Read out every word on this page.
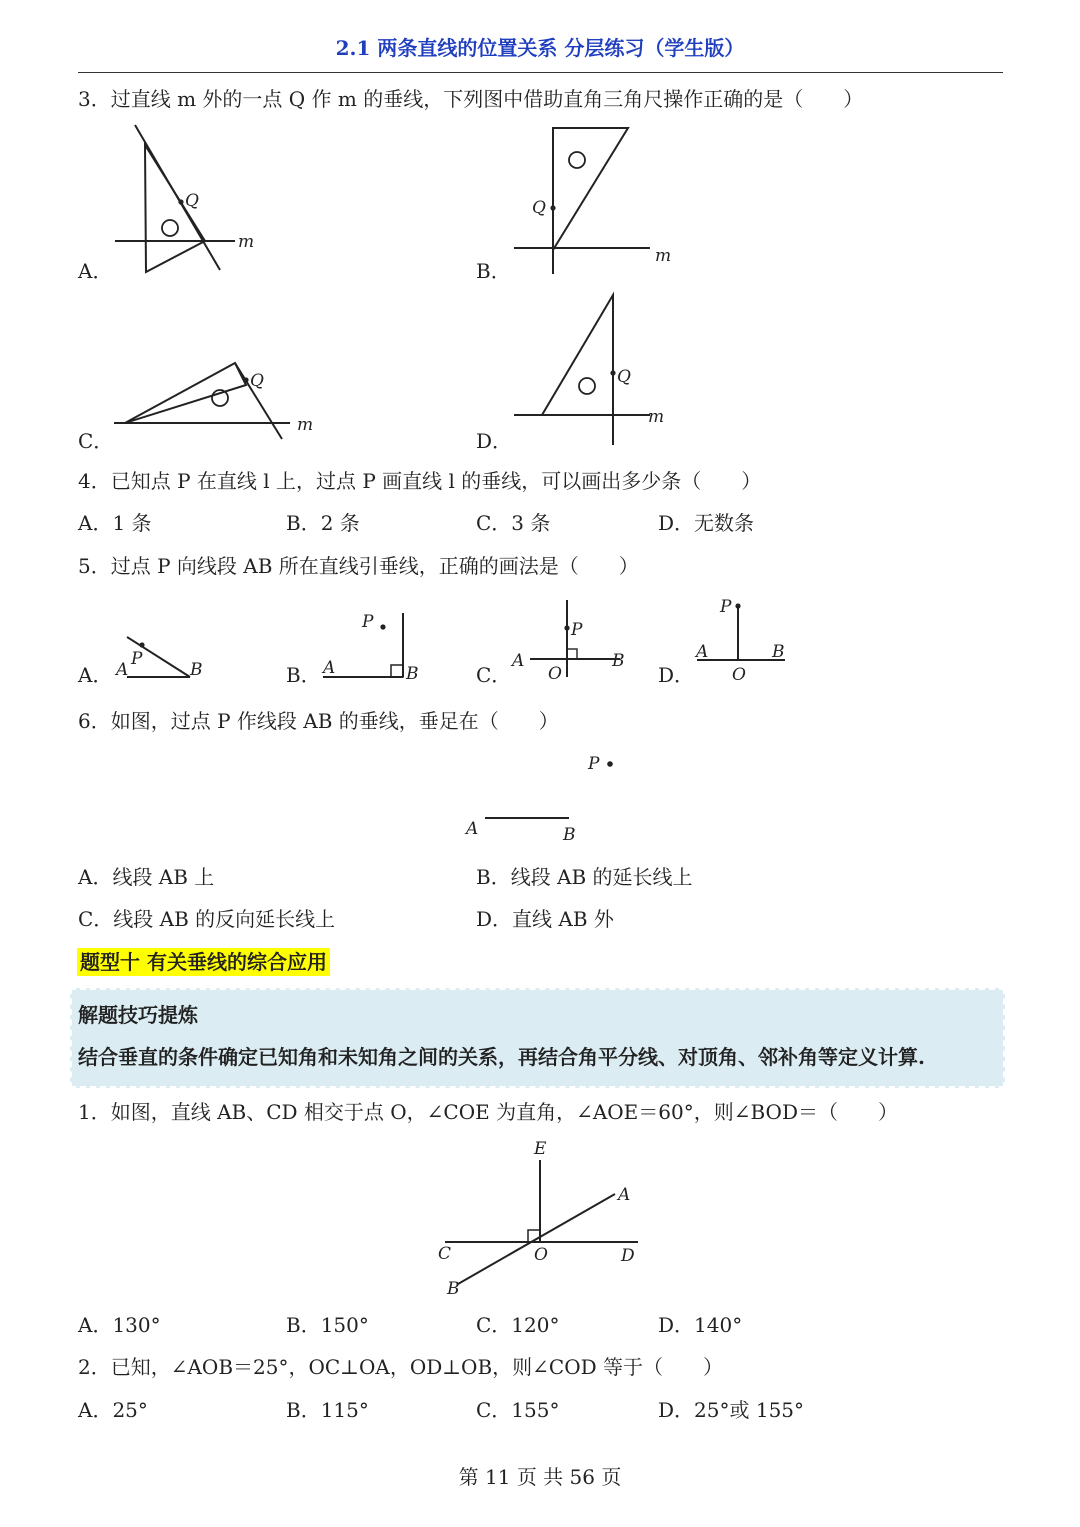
2.1 两条直线的位置关系 分层练习（学生版）
3．过直线 m 外的一点 Q 作 m 的垂线，下列图中借助直角三角尺操作正确的是（　　）
A．
Q
m
B．
Q
m
C．
Q
m
D．
Q
m
4．已知点 P 在直线 l 上，过点 P 画直线 l 的垂线，可以画出多少条（　　）
A．1 条	B．2 条	C．3 条	D．无数条
5．过点 P 向线段 AB 所在直线引垂线，正确的画法是（　　）
A．
P
A	B	B．
P
A	B	C．
P
A	B
O	D．
P
A	B
O
6．如图，过点 P 作线段 AB 的垂线，垂足在（　　）
P
A	B
A．线段 AB 上	B．线段 AB 的延长线上
C．线段 AB 的反向延长线上	D．直线 AB 外
题型十 有关垂线的综合应用
解题技巧提炼
结合垂直的条件确定已知角和未知角之间的关系，再结合角平分线、对顶角、邻补角等定义计算.
1．如图，直线 AB、CD 相交于点 O，∠COE 为直角，∠AOE＝60°，则∠BOD＝（　　）
E
A
C	O	D
B
A．130°	B．150°	C．120°	D．140°
2．已知，∠AOB＝25°，OC⊥OA，OD⊥OB，则∠COD 等于（　　）
A．25°	B．115°	C．155°	D．25°或 155°
第 11 页 共 56 页
